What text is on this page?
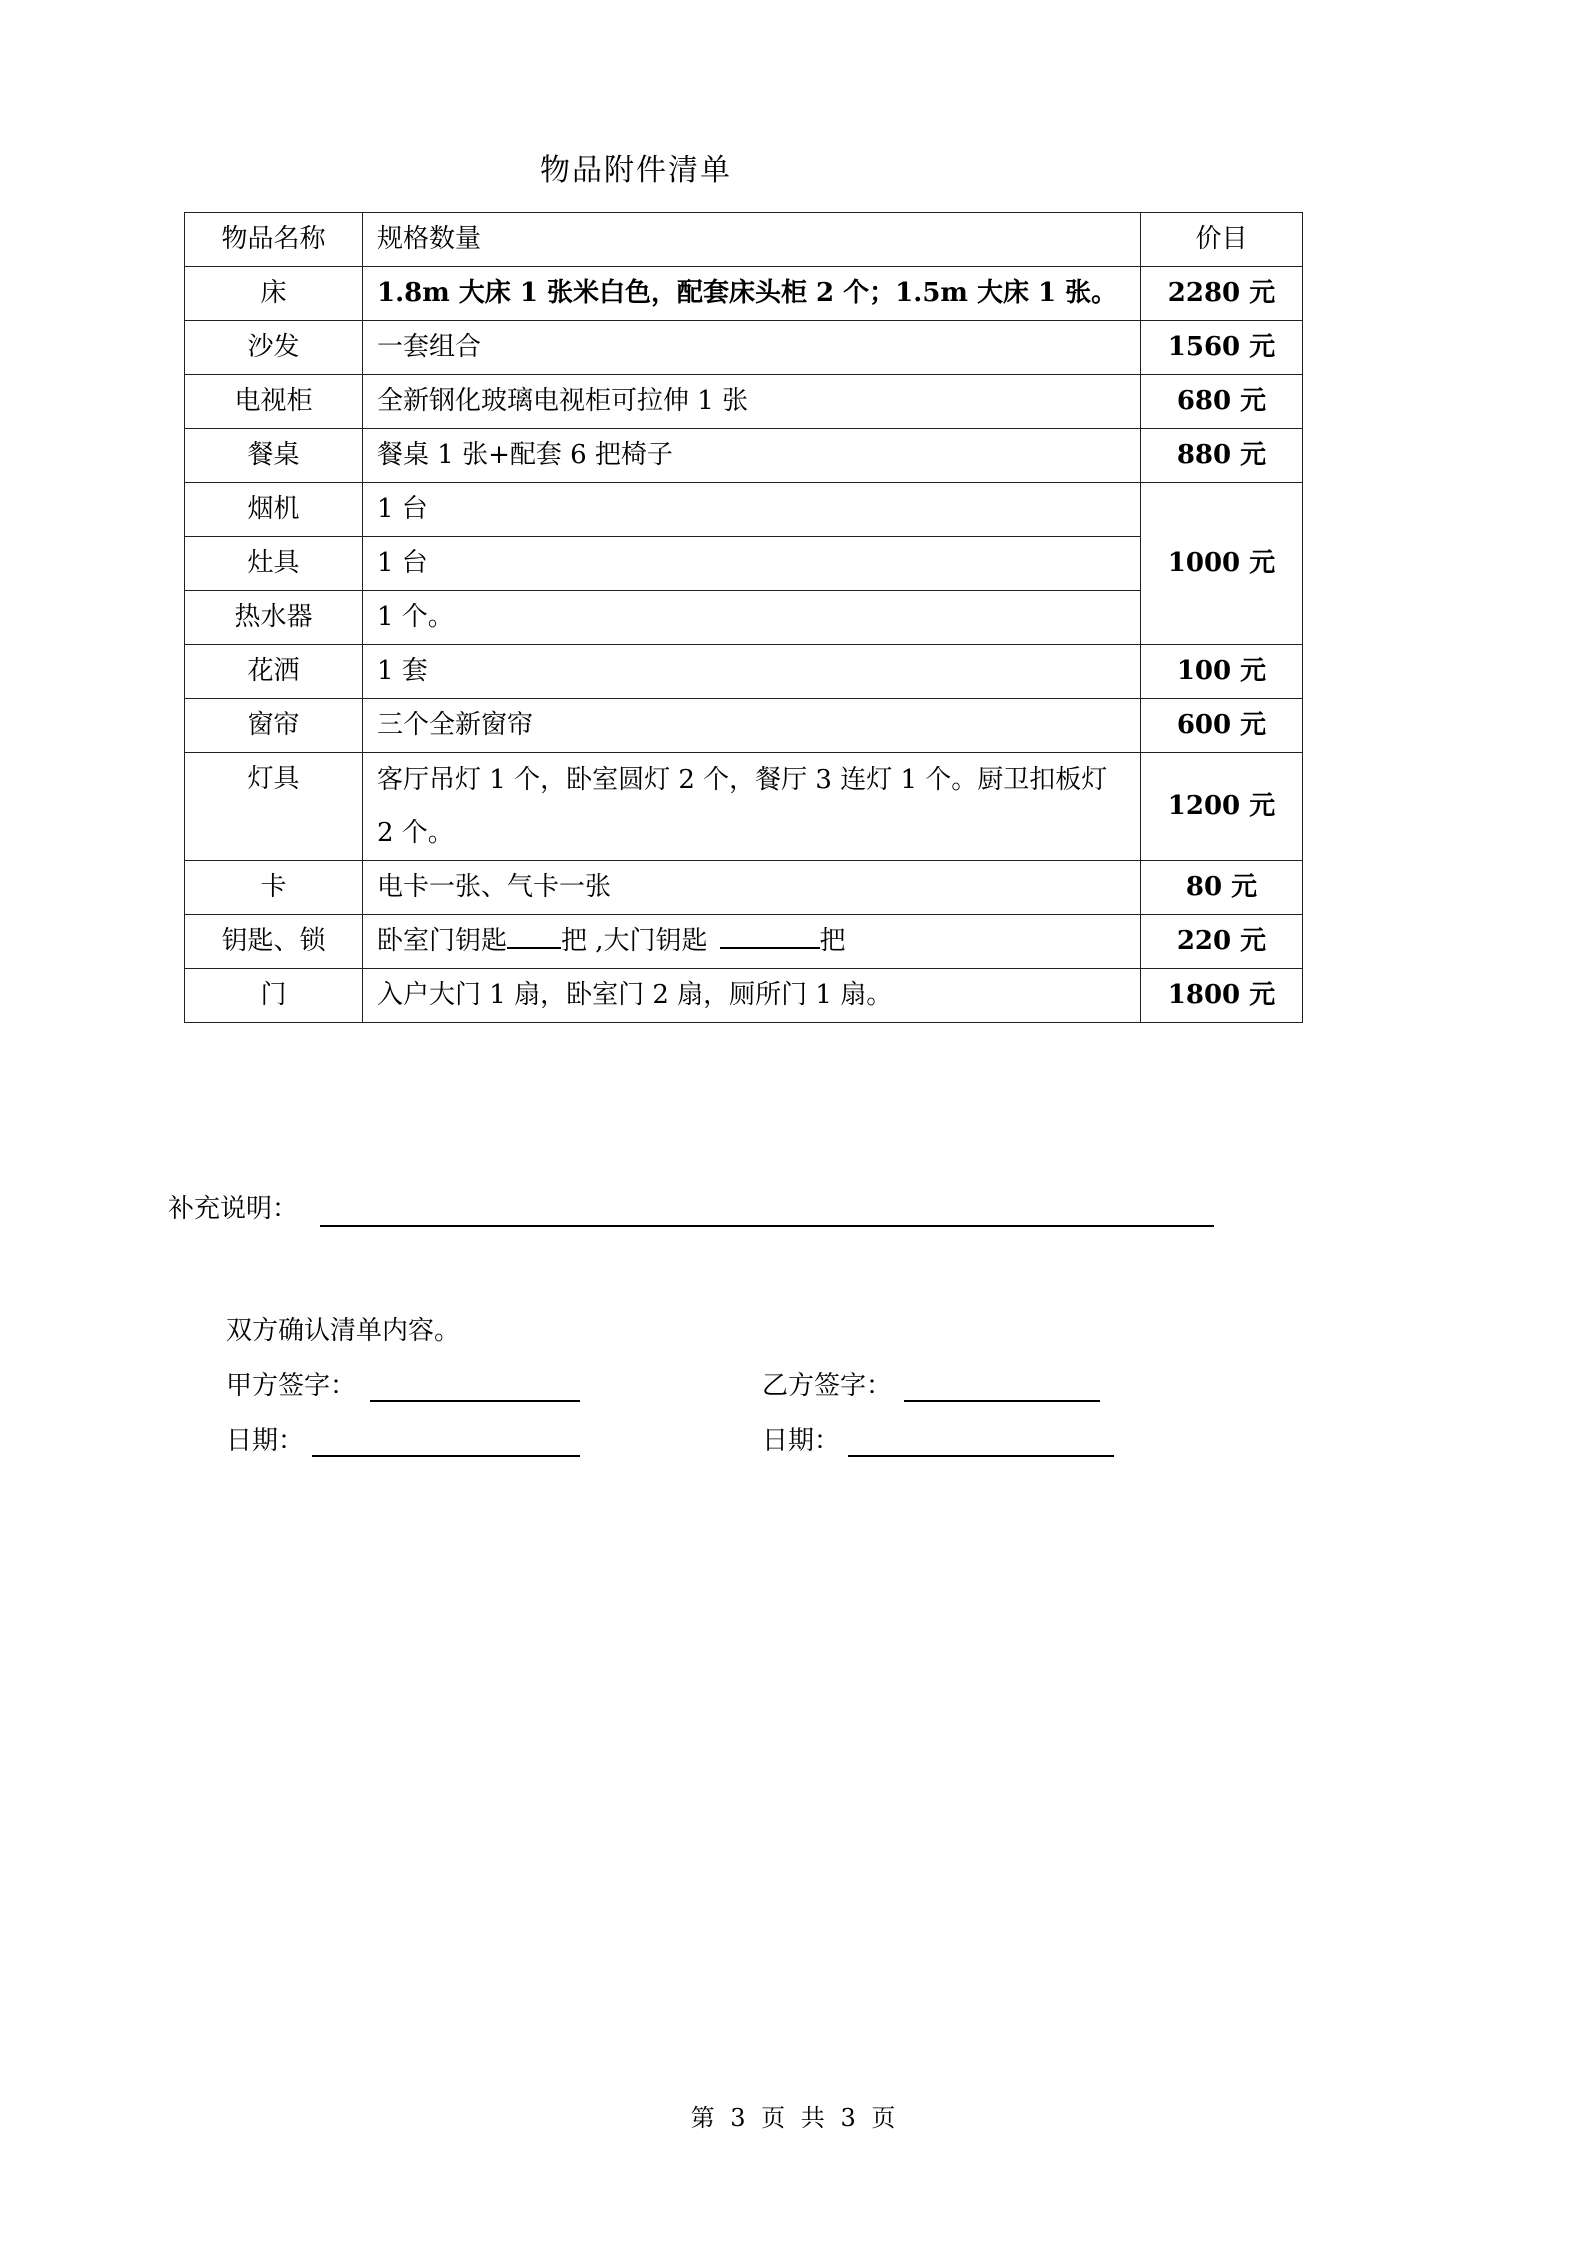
物品附件清单
物品名称	规格数量	价目
床	1.8m 大床 1 张米白色，配套床头柜 2 个；1.5m 大床 1 张。	2280 元
沙发	一套组合	1560 元
电视柜	全新钢化玻璃电视柜可拉伸 1 张	680 元
餐桌	餐桌 1 张+配套 6 把椅子	880 元
烟机	1 台	1000 元
灶具	1 台	
热水器	1 个。	
花洒	1 套	100 元
窗帘	三个全新窗帘	600 元
灯具	客厅吊灯 1 个，卧室圆灯 2 个，餐厅 3 连灯 1 个。厨卫扣板灯 2 个。	1200 元
卡	电卡一张、气卡一张	80 元
钥匙、锁	卧室门钥匙 把 ,大门钥匙 把	220 元
门	入户大门 1 扇，卧室门 2 扇，厕所门 1 扇。	1800 元
补充说明：
双方确认清单内容。
甲方签字：	乙方签字：
日期：	日期：
第 3 页 共 3 页
